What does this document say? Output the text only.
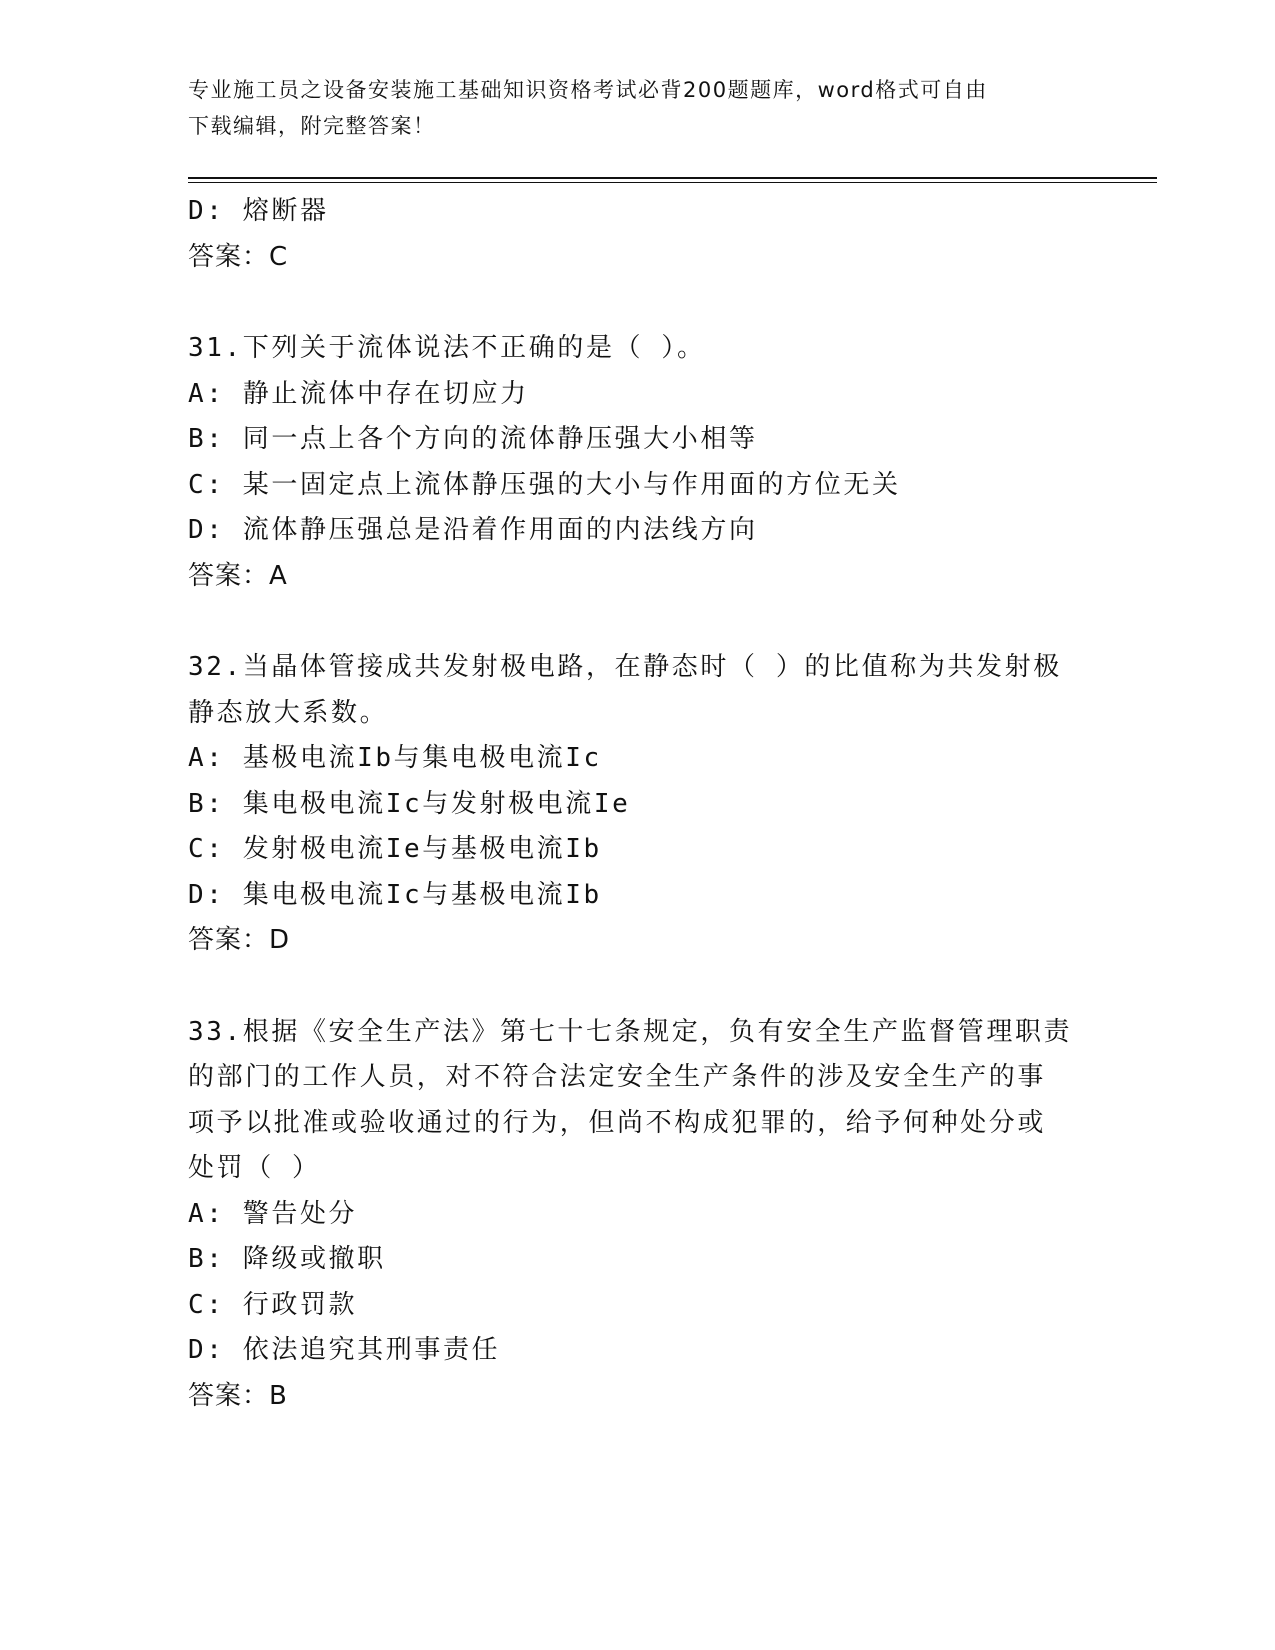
专业施工员之设备安装施工基础知识资格考试必背200题题库，word格式可自由
下载编辑，附完整答案！
D: 熔断器
答案：C
31.下列关于流体说法不正确的是（ ）。
A: 静止流体中存在切应力
B: 同一点上各个方向的流体静压强大小相等
C: 某一固定点上流体静压强的大小与作用面的方位无关
D: 流体静压强总是沿着作用面的内法线方向
答案：A
32.当晶体管接成共发射极电路，在静态时（ ）的比值称为共发射极
静态放大系数。
A: 基极电流Ib与集电极电流Ic
B: 集电极电流Ic与发射极电流Ie
C: 发射极电流Ie与基极电流Ib
D: 集电极电流Ic与基极电流Ib
答案：D
33.根据《安全生产法》第七十七条规定，负有安全生产监督管理职责
的部门的工作人员，对不符合法定安全生产条件的涉及安全生产的事
项予以批准或验收通过的行为，但尚不构成犯罪的，给予何种处分或
处罚（ ）
A: 警告处分
B: 降级或撤职
C: 行政罚款
D: 依法追究其刑事责任
答案：B
